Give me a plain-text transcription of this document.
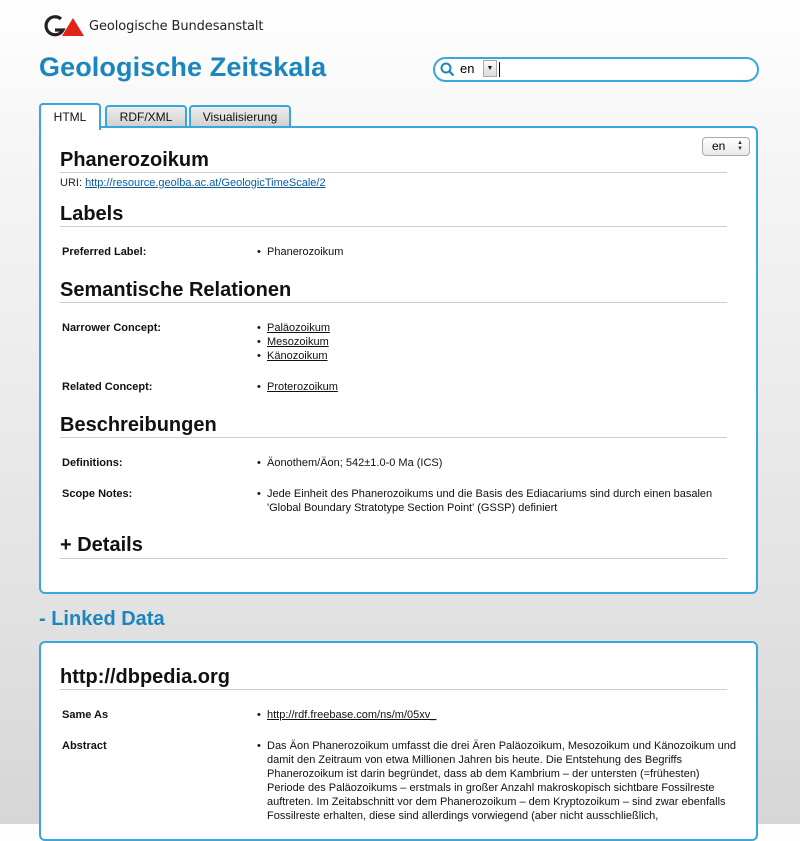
Geologische Bundesanstalt
Geologische Zeitskala	en	▼
HTML	RDF/XML	Visualisierung
en ▲
▼
Phanerozoikum
URI: http://resource.geolba.ac.at/GeologicTimeScale/2
Labels
Preferred Label:	• Phanerozoikum
Semantische Relationen
Narrower Concept:	• Paläozoikum
• Mesozoikum
• Känozoikum
Related Concept:	• Proterozoikum
Beschreibungen
Definitions:	• Äonothem/Äon; 542±1.0-0 Ma (ICS)
Scope Notes:	• Jede Einheit des Phanerozoikums und die Basis des Ediacariums sind durch einen basalen 'Global Boundary Stratotype Section Point' (GSSP) definiert
+ Details
- Linked Data
http://dbpedia.org
Same As	• http://rdf.freebase.com/ns/m/05xv_
Abstract	• Das Äon Phanerozoikum umfasst die drei Ären Paläozoikum, Mesozoikum und Känozoikum und damit den Zeitraum von etwa Millionen Jahren bis heute. Die Entstehung des Begriffs Phanerozoikum ist darin begründet, dass ab dem Kambrium – der untersten (=frühesten) Periode des Paläozoikums – erstmals in großer Anzahl makroskopisch sichtbare Fossilreste auftreten. Im Zeitabschnitt vor dem Phanerozoikum – dem Kryptozoikum – sind zwar ebenfalls Fossilreste erhalten, diese sind allerdings vorwiegend (aber nicht ausschließlich,
